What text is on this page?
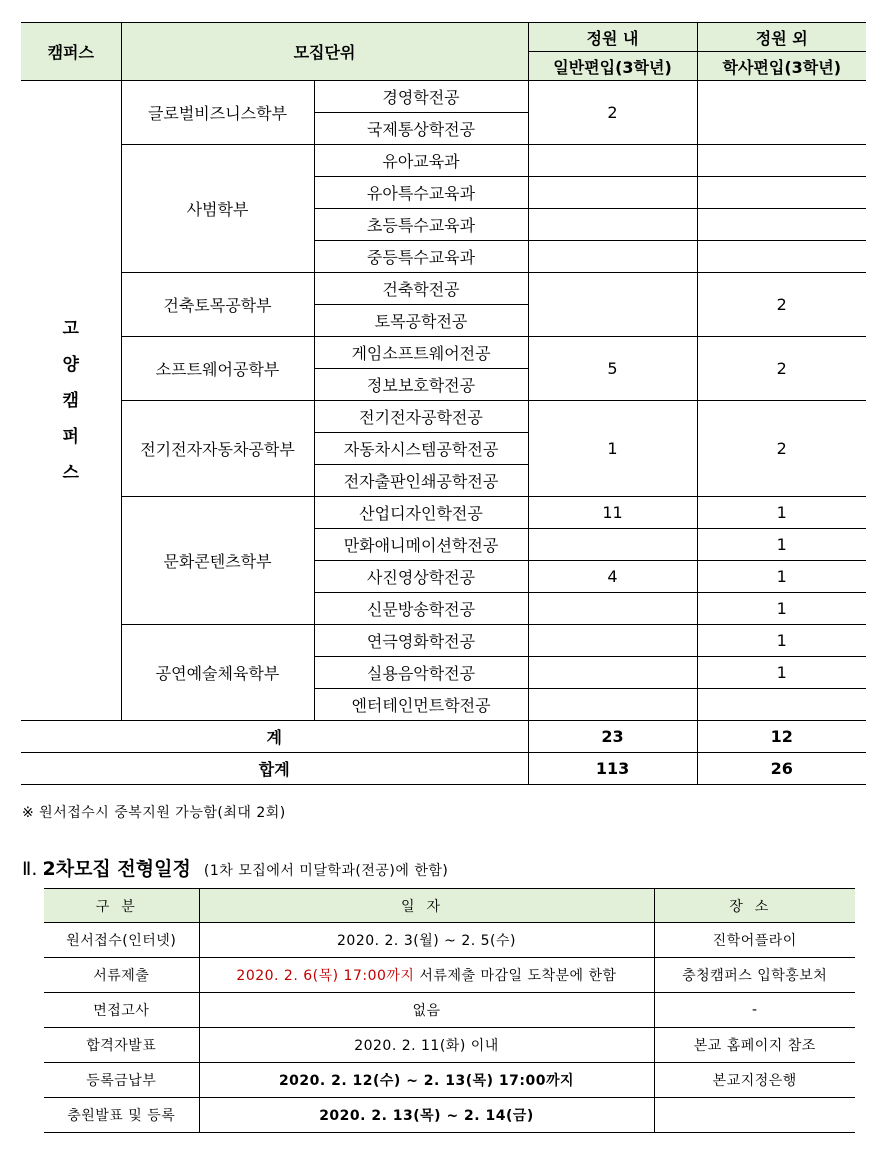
캠퍼스	모집단위		정원 내	정원 외
			일반편입(3학년)	학사편입(3학년)
고
양
캠
퍼
스	글로벌비즈니스학부	경영학전공	2	
		국제통상학전공		
	사범학부	유아교육과		
		유아특수교육과		
		초등특수교육과		
		중등특수교육과		
	건축토목공학부	건축학전공		2
		토목공학전공		
	소프트웨어공학부	게임소프트웨어전공	5	2
		정보보호학전공		
	전기전자자동차공학부	전기전자공학전공	1	2
		자동차시스템공학전공		
		전자출판인쇄공학전공		
	문화콘텐츠학부	산업디자인학전공	11	1
		만화애니메이션학전공		1
		사진영상학전공	4	1
		신문방송학전공		1
	공연예술체육학부	연극영화학전공		1
		실용음악학전공		1
		엔터테인먼트학전공		
계			23	12
합계			113	26
※ 원서접수시 중복지원 가능함(최대 2회)
Ⅱ. 2차모집 전형일정 (1차 모집에서 미달학과(전공)에 한함)
구분	일자	장소
원서접수(인터넷)	2020. 2. 3(월) ~ 2. 5(수)	진학어플라이
서류제출	2020. 2. 6(목) 17:00까지 서류제출 마감일 도착분에 한함	충청캠퍼스 입학홍보처
면접고사	없음	-
합격자발표	2020. 2. 11(화) 이내	본교 홈페이지 참조
등록금납부	2020. 2. 12(수) ~ 2. 13(목) 17:00까지	본교지정은행
충원발표 및 등록	2020. 2. 13(목) ~ 2. 14(금)	
